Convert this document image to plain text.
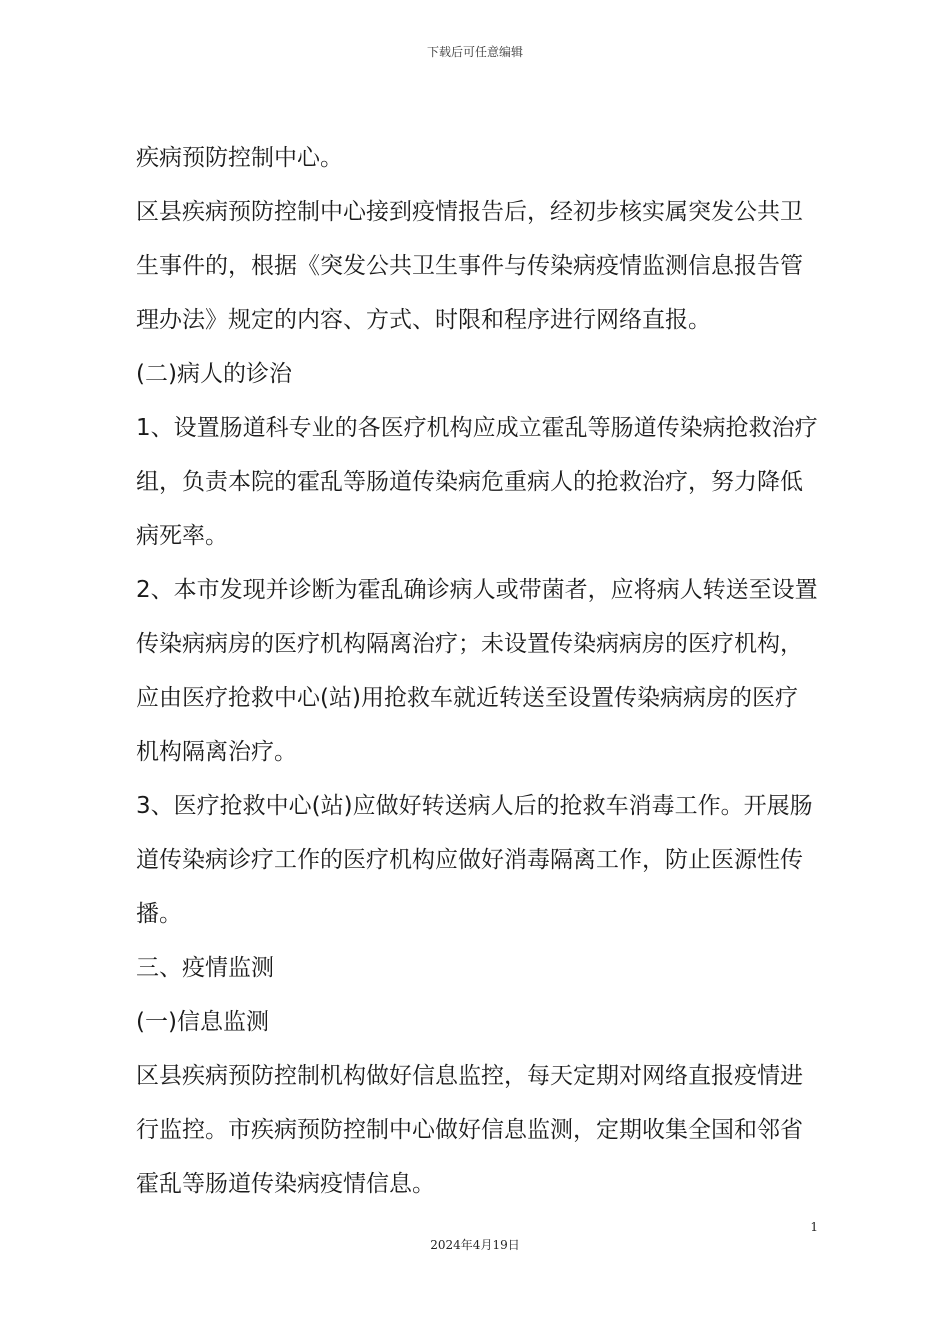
下载后可任意编辑

疾病预防控制中心。

区县疾病预防控制中心接到疫情报告后，经初步核实属突发公共卫生事件的，根据《突发公共卫生事件与传染病疫情监测信息报告管理办法》规定的内容、方式、时限和程序进行网络直报。

(二)病人的诊治

1、设置肠道科专业的各医疗机构应成立霍乱等肠道传染病抢救治疗组，负责本院的霍乱等肠道传染病危重病人的抢救治疗，努力降低病死率。

2、本市发现并诊断为霍乱确诊病人或带菌者，应将病人转送至设置传染病病房的医疗机构隔离治疗；未设置传染病病房的医疗机构，应由医疗抢救中心(站)用抢救车就近转送至设置传染病病房的医疗机构隔离治疗。

3、医疗抢救中心(站)应做好转送病人后的抢救车消毒工作。开展肠道传染病诊疗工作的医疗机构应做好消毒隔离工作，防止医源性传播。

三、疫情监测

(一)信息监测

区县疾病预防控制机构做好信息监控，每天定期对网络直报疫情进行监控。市疾病预防控制中心做好信息监测，定期收集全国和邻省霍乱等肠道传染病疫情信息。

1
2024年4月19日
